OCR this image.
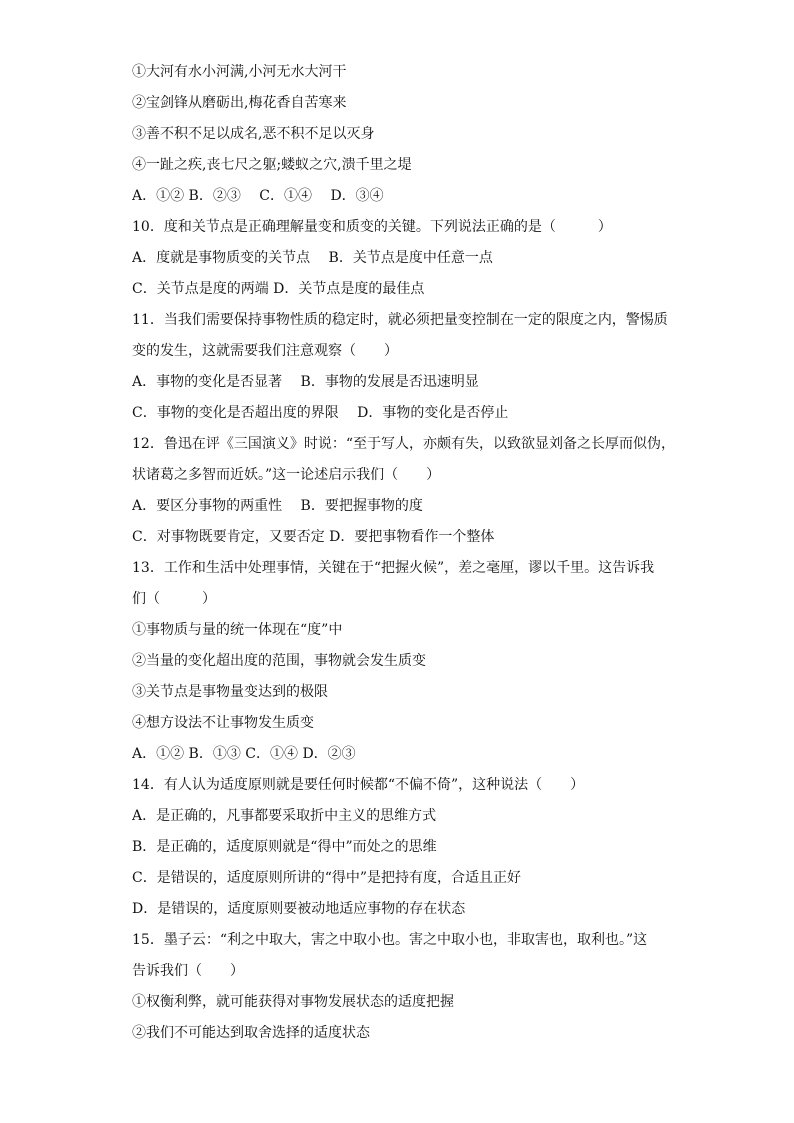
①大河有水小河满,小河无水大河干
②宝剑锋从磨砺出,梅花香自苦寒来
③善不积不足以成名,恶不积不足以灭身
④一趾之疾,丧七尺之躯;蝼蚁之穴,溃千里之堤
A．①② B．②③　 C．①④　 D．③④
10．度和关节点是正确理解量变和质变的关键。下列说法正确的是（　　　）
A．度就是事物质变的关节点　 B．关节点是度中任意一点
C．关节点是度的两端 D．关节点是度的最佳点
11．当我们需要保持事物性质的稳定时，就必须把量变控制在一定的限度之内，警惕质
变的发生，这就需要我们注意观察（　　）
A．事物的变化是否显著　 B．事物的发展是否迅速明显
C．事物的变化是否超出度的界限　 D．事物的变化是否停止
12．鲁迅在评《三国演义》时说：“至于写人，亦颇有失，以致欲显刘备之长厚而似伪，
状诸葛之多智而近妖。”这一论述启示我们（　　）
A．要区分事物的两重性　 B．要把握事物的度
C．对事物既要肯定，又要否定 D．要把事物看作一个整体
13．工作和生活中处理事情，关键在于“把握火候”，差之毫厘，谬以千里。这告诉我
们（　　　）
①事物质与量的统一体现在“度”中
②当量的变化超出度的范围，事物就会发生质变
③关节点是事物量变达到的极限
④想方设法不让事物发生质变
A．①② B．①③ C．①④ D．②③
14．有人认为适度原则就是要任何时候都“不偏不倚”，这种说法（　　）
A．是正确的，凡事都要采取折中主义的思维方式
B．是正确的，适度原则就是“得中”而处之的思维
C．是错误的，适度原则所讲的“得中”是把持有度，合适且正好
D．是错误的，适度原则要被动地适应事物的存在状态
15．墨子云：“利之中取大，害之中取小也。害之中取小也，非取害也，取利也。”这
告诉我们（　　）
①权衡利弊，就可能获得对事物发展状态的适度把握
②我们不可能达到取舍选择的适度状态
